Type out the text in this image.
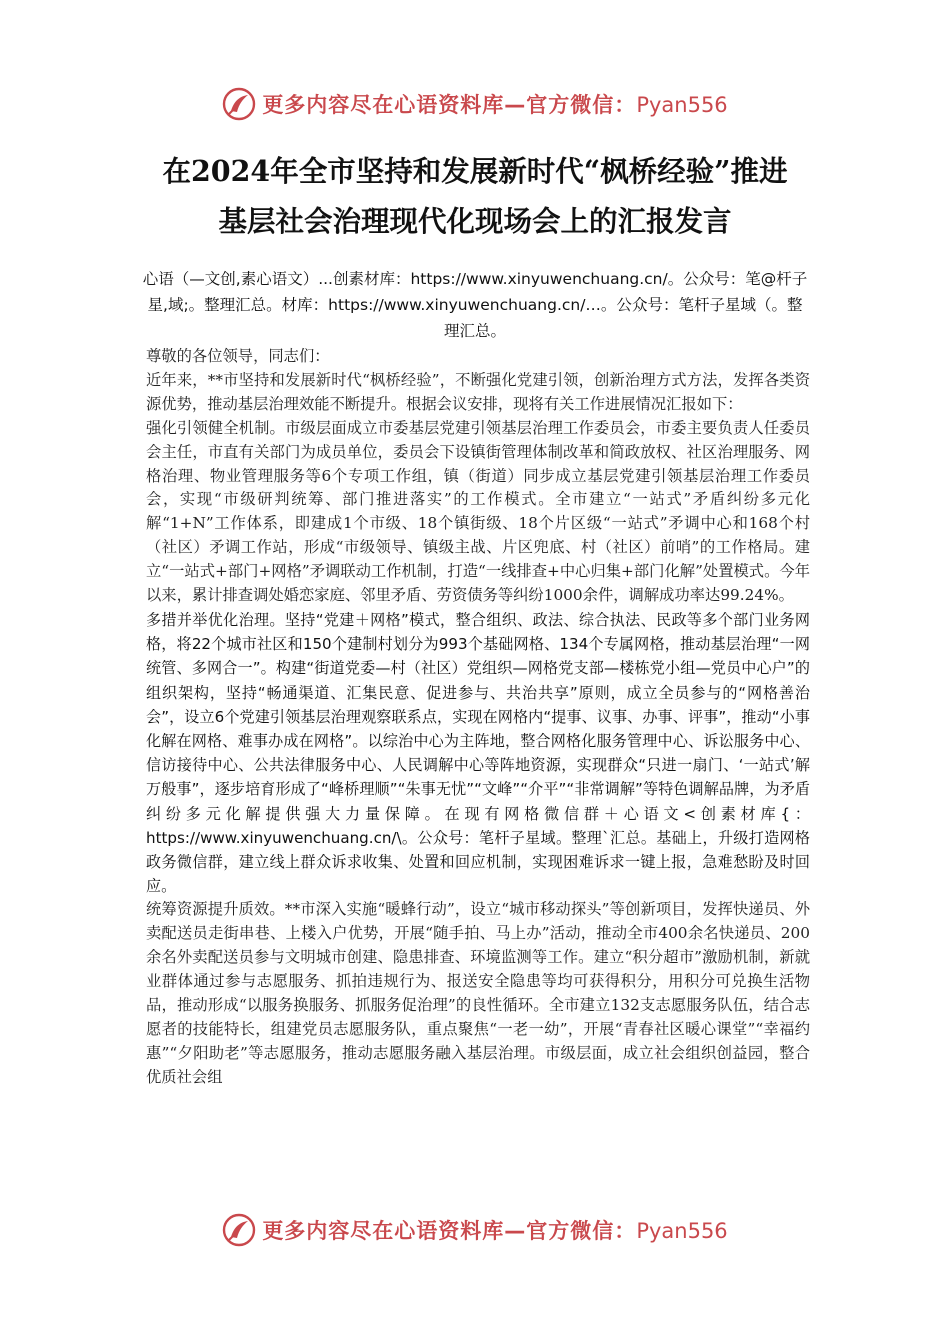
更多内容尽在心语资料库—官方微信：Pyan556
在2024年全市坚持和发展新时代“枫桥经验”推进
基层社会治理现代化现场会上的汇报发言

心语（—文创,素心语文）...创素材库：https://www.xinyuwenchuang.cn/。公众号：笔@杆子星,域;。整理汇总。材库：https://www.xinyuwenchuang.cn/…。公众号：笔杆子星域（。整理汇总。

尊敬的各位领导，同志们：

近年来，**市坚持和发展新时代“枫桥经验”，不断强化党建引领，创新治理方式方法，发挥各类资源优势，推动基层治理效能不断提升。根据会议安排，现将有关工作进展情况汇报如下：

强化引领健全机制。市级层面成立市委基层党建引领基层治理工作委员会，市委主要负责人任委员会主任，市直有关部门为成员单位，委员会下设镇街管理体制改革和简政放权、社区治理服务、网格治理、物业管理服务等6个专项工作组，镇（街道）同步成立基层党建引领基层治理工作委员会，实现“市级研判统筹、部门推进落实”的工作模式。全市建立“一站式”矛盾纠纷多元化解“1+N”工作体系，即建成1个市级、18个镇街级、18个片区级“一站式”矛调中心和168个村（社区）矛调工作站，形成“市级领导、镇级主战、片区兜底、村（社区）前哨”的工作格局。建立“一站式+部门+网格”矛调联动工作机制，打造“一线排查+中心归集+部门化解”处置模式。今年以来，累计排查调处婚恋家庭、邻里矛盾、劳资债务等纠纷1000余件，调解成功率达99.24%。

多措并举优化治理。坚持“党建＋网格”模式，整合组织、政法、综合执法、民政等多个部门业务网格，将22个城市社区和150个建制村划分为993个基础网格、134个专属网格，推动基层治理“一网统管、多网合一”。构建“街道党委—村（社区）党组织—网格党支部—楼栋党小组—党员中心户”的组织架构，坚持“畅通渠道、汇集民意、促进参与、共治共享”原则，成立全员参与的“网格善治会”，设立6个党建引领基层治理观察联系点，实现在网格内“提事、议事、办事、评事”，推动“小事化解在网格、难事办成在网格”。以综治中心为主阵地，整合网格化服务管理中心、诉讼服务中心、信访接待中心、公共法律服务中心、人民调解中心等阵地资源，实现群众“只进一扇门、‘一站式’解万般事”，逐步培育形成了“峰桥理顺”“朱事无忧”“文峰”“介平”“非常调解”等特色调解品牌，为矛盾纠纷多元化解提供强大力量保障。在现有网格微信群＋心语文<创素材库{：https://www.xinyuwenchuang.cn/\。公众号：笔杆子星域。整理`汇总。基础上，升级打造网格政务微信群，建立线上群众诉求收集、处置和回应机制，实现困难诉求一键上报，急难愁盼及时回应。

统筹资源提升质效。**市深入实施“暖蜂行动”，设立“城市移动探头”等创新项目，发挥快递员、外卖配送员走街串巷、上楼入户优势，开展“随手拍、马上办”活动，推动全市400余名快递员、200余名外卖配送员参与文明城市创建、隐患排查、环境监测等工作。建立“积分超市”激励机制，新就业群体通过参与志愿服务、抓拍违规行为、报送安全隐患等均可获得积分，用积分可兑换生活物品，推动形成“以服务换服务、抓服务促治理”的良性循环。全市建立132支志愿服务队伍，结合志愿者的技能特长，组建党员志愿服务队，重点聚焦“一老一幼”，开展“青春社区暖心课堂”“幸福约惠”“夕阳助老”等志愿服务，推动志愿服务融入基层治理。市级层面，成立社会组织创益园，整合优质社会组

更多内容尽在心语资料库—官方微信：Pyan556
